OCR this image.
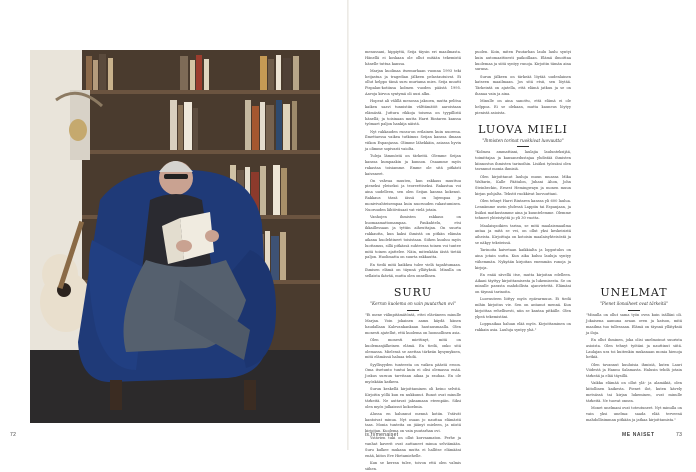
"Huomenna yhä tulee aikuisiksi lapsia. Pitkä muuttaa pöytään sä."

menussani, hippiyttä, Seija täysin eri maailmasta. Hänellä ei koskaan ole ollut mitään tekemistä hänelle tuttua kanssa.

Marjan kuolinaa itsemurhaan vuonna 1993 teki heijastua ja tragedian jälkeen pelastautuivat. Ei ollut helppo tämä suru murtama mies. Seija muutti Pispalan-kotiinsa kolmen vuoden päästä 1995. Aavoja kirvoa syntymä oli uusi alku.

Hopeat ali välillä menossa jaksoen, mutta pelitsa kaiken saavi tunnistiin välttämätöt aaroistaan elämästä. Juttura rikkoja toisena on tyypillistä hänellä; ja toisinaan mutta Harri Rintaren kanssa työmaet paljon hankija näistä.

Nyt rakkauden runsu-on erilainen kuin nuorena. Ilmettaessa vaikea tutkimus Seijan kanssa ilmaan viikon Espanjassa. Olimme lähekkäin, asiassa hyvin ja olimme sopivasti vaiolta.

Tuleja lämmöstä on tärkeitä. Olemme Seijan kanssa kumpaakin ja kunnon. Osaamme myös rakastaa toisiamme. Emme ole sitä pitkästi kaivaneet.

On vahvaa muuten, kun rakkaus muuttuu pieneksi yleiseksi ja teoreettiseksi. Rakastua voi aina uudelleen, sen olen Seijan kanssa kokenut. Rakkaus tässä iässä on lujempaa ja monivivahteisempaa kuin nuoruuden rakastumisen. Nuoruuden lähtöviisaat vat vielä jotain.

Vanhojen ihmisten rakkaus on huomaamattomampaa. Paukahtelu, etsi ikkaillessaan ja tyttiin aiheuttajan. On suurta rakkautta, kun kaksi ihmistä on pitkän elämän aikana huolehtineet toisistaan. Siihen kuuluu myös luottamus, sillä pitkässä suhteessa toinen voi tuntee mitä toinen ajattelee. Näin, mitenkään iästä tietää paljon. Huolimatta on suurta rakkautta.

En tiedä mitä kaikkea tulee vielä tapahtumaan. Ihmisen elämä on täynnä yllätyksiä. Minulla on sellaista ikävää, mutta olen onnellinen.

SURU
"Kerran kuolema on vain puutarhan ovi"

"Ei mene välinpitämätöntä, ettei eläväneen minulle Marjan. Voin jokainen aamu käydä hänen haudallaan Kalevankankaan hautausmaalla. Olen monesti ajatellut, että kuolema on luonnollinen asia.

Olen monesti miettinyt, mitä on kuolemanjälkeinen elämä. En tiedä, onko sitä olemassa. Mielessä se asettaa tärkeän kysymyksen, mitä elämässä haluaa tehdä.

Syyllisyyden tunteesta on vaikea päästä eroon. Oma itsetunto tuntui kuin ei olisi olemassa enää. Joskus suruun tarvitaan aikaa ja rauhaa. En ole myöskään katkera.

Surun keskellä kirjoittaminen oli keino selvitä. Kirjoitin yöllä kun en nukkunut. Runot ovat minulle tärkeitä. Ne auttavat jaksamaan eteenpäin. Siksi olen myös julkaissut kokoelmia.

Alussa en halunnut mennä kotiin. Ystävät kantoivat minua. Nyt osaan jo nauttaa elämästä taas. Monia tunteita on jäänyt mieleen, ja niistä kirjoitan. Kuolema on vain puutarhan ovi.

Ystävien tuki on ollut korvaamaton. Perhe ja vanhat kaverit ovat auttaneet minua selviämään. Suru kulkee mukana mutta ei hallitse elämääni enää, kiitos Eve Hietamiehelle.

Kun se kerran tulee, toivon että olen valmis siihen.

puolen. Koin, miten Puutarhan laulu laulu syntyi kuin automaattisesti paikoillaan. Elämä ilmoittaa kuolemaa ja siitä syntyy runoja. Kirjoitin tämän aina suruna.

Surun jälkeen on tärkeää löytää uudenlainen katseen maailmaan. Jos sitä etsii, sen löytää. Tärkeintä on ajatella, että elämä jatkuu ja se on ihanaa vain ja aina.

Minulle on aina sanottu, että elämä ei ole helppoa. Ei se olekaan, mutta kauneus löytyy pienistä asioista.

LUOVA MIELI
"Ihmisten torinat ruokkivat luovuutta"

"Kolmea ammattiani, laulajia laulunteksijää, toimittajaa ja kansanedustajaa yhdistää ihmisten kiinnostus ihmisten tarinoihin. Lisäksi työssäni olen tavannut monia ihmisiä.

Olen kirjoittanut lauluja muun muassa Mika Waltarin, Kalle Päätalon, Juhani Ahon, John Steinbeckin, Ernest Hemingwayn ja monen muun kirjan pohjalta. Tekstit ruokkivat luovuuttani.

Olen tehnyt Harri Rintaren kanssa yli 600 laulua. Lennämme usein yhdessä Lappiin tai Espanjaan, ja lisäksi matkustamme aina ja kuuntelemme. Olemme tehneet yhteistyötä jo yli 30 vuotta.

Maalaispoikien tarina, se mitä maalaismaailma antaa ja mitä se vei, on ollut yksi keskeisistä aiheista. Kirjoittaja on kotoisin maalaisyhteisöstä ja se näkyy teksteissä.

Tarinoita kaivetaan kaikkialta ja lopputulos on aina jotain uutta. Kun aika kuluu lauluja syntyy vähemmän. Nykyään kirjoitan enemmän runoja ja kirjoja.

En enää sävellä itse, mutta kirjoitan edelleen. Aikani täyttyy kirjoittamisesta ja lukemisesta. Se on minulle parasta mahdollista ajanvietettä. Elämäni on täynnä tarinoita.

Luovuuteen liittyy myös epävarmuus. Ei tiedä mihin kirjoitus vie. Sen on antanut mennä. Kun kirjoittaa rehellisesti, niin se kantaa pitkälle. Olen ylpeä tekemistäni.

Loppuaikaa haluan elää myös. Kirjoittaminen on rakkain asia. Lauluja syntyy yhä."

UNELMAT
"Pienet ilonaiheet ovat tärkeitä"

"Minulla on ollut sama työn ovea kuin isälläni oli. Jokaisena aamuna avaan oven ja katson, mitä maailma tuo tullessaan. Elämä on täynnä yllätyksiä ja iloja.

En ollut ihminen, joka olisi unelmoinut suurista asioista. Olen tehnyt työtäni ja nauttinut siitä. Laulajan ura toi kuitenkin mukanaan monia hienoja hetkiä.

Olen tavannut kuuluisia ihmisiä, kuten Lauri Viidestä ja Hannu Salamasta. Halusin tehdä jotain tärkeää ja elää täysillä.

Vaikka elämää on ollut ylä- ja alamäkiä, olen kiitollinen kaikesta. Pienet ilot, kuten kävely metsässä tai kirjan lukeminen, ovat minulle tärkeitä. Ne tuovat onnea.

Monet unelmani ovat toteutuneet. Nyt minulla on vain yksi unelma: saada elää terveenä mahdollisimman pitkään ja jatkaa kirjoittamista."

72	is.fi/menaiset	ME NAISET	73
